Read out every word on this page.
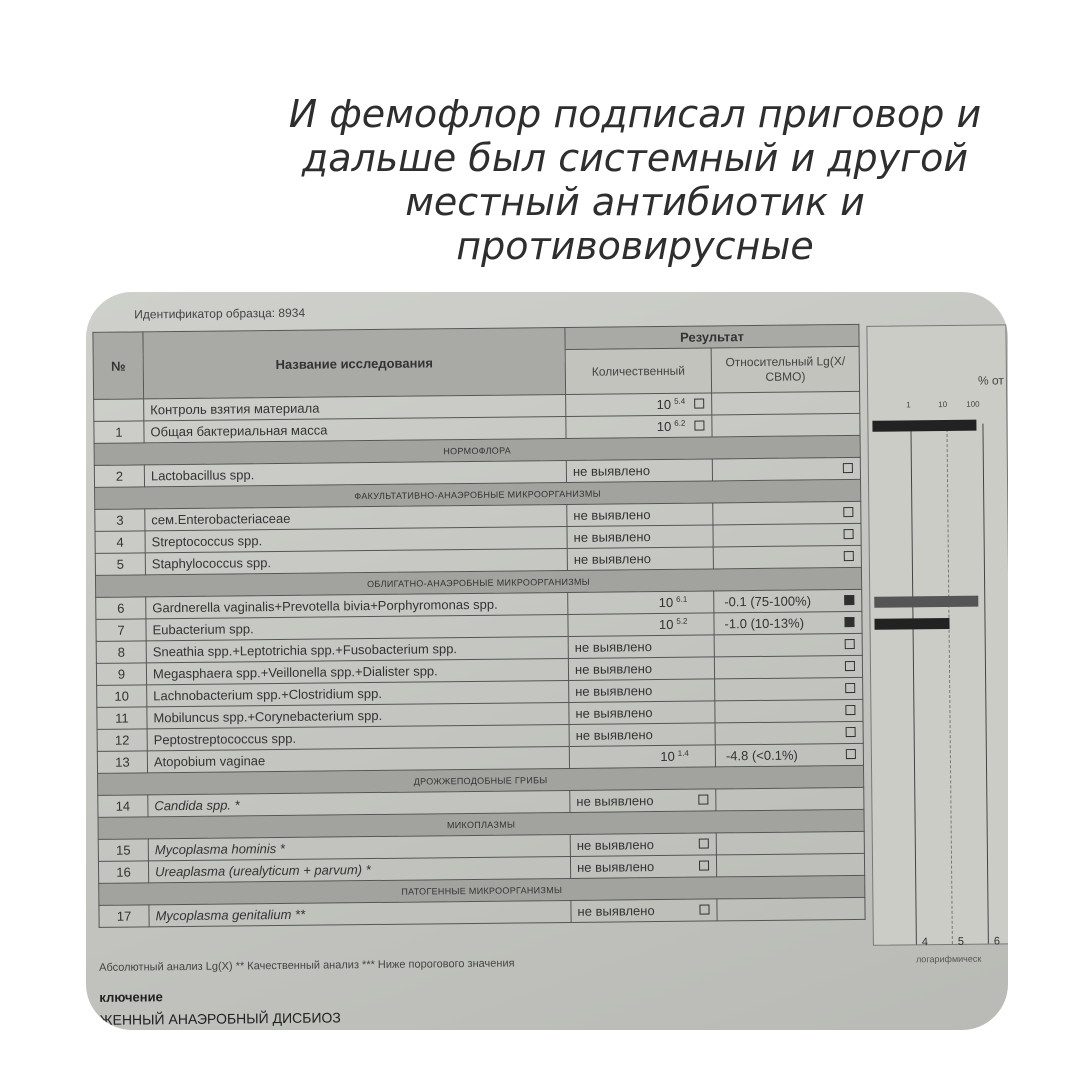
И фемофлор подписал приговор и дальше был системный и другой местный антибиотик и противовирусные
Идентификатор образца: 8934
№	Название исследования	Результат	
		Количественный	Относительный Lg(X/СВМО)
	Контроль взятия материала	10 $^{5.4}$

1	Общая бактериальная масса	10 $^{6.2}$

НОРМОФЛОРА			
2	Lactobacillus spp.	не выявлено	

ФАКУЛЬТАТИВНО-АНАЭРОБНЫЕ МИКРООРГАНИЗМЫ			
3	сем.Enterobacteriaceae	не выявлено	

4	Streptococcus spp.	не выявлено	

5	Staphylococcus spp.	не выявлено	

ОБЛИГАТНО-АНАЭРОБНЫЕ МИКРООРГАНИЗМЫ			
6	Gardnerella vaginalis+Prevotella bivia+Porphyromonas spp.	10 $^{6.1}$	-0.1 (75-100%)

7	Eubacterium spp.	10 $^{5.2}$	-1.0 (10-13%)

8	Sneathia spp.+Leptotrichia spp.+Fusobacterium spp.	не выявлено	

9	Megasphaera spp.+Veillonella spp.+Dialister spp.	не выявлено	

10	Lachnobacterium spp.+Clostridium spp.	не выявлено	

11	Mobiluncus spp.+Corynebacterium spp.	не выявлено	

12	Peptostreptococcus spp.	не выявлено	

13	Atopobium vaginae	10 $^{1.4}$	-4.8 (<0.1%)

ДРОЖЖЕПОДОБНЫЕ ГРИБЫ			
14	Candida spp. *	не выявлено

МИКОПЛАЗМЫ			
15	Mycoplasma hominis *	не выявлено

16	Ureaplasma (urealyticum + parvum) *	не выявлено

ПАТОГЕННЫЕ МИКРООРГАНИЗМЫ			
17	Mycoplasma genitalium **	не выявлено

Абсолютный анализ Lg(X) ** Качественный анализ *** Ниже порогового значения
ключение
ЖЕННЫЙ АНАЭРОБНЫЙ ДИСБИОЗ
% от
1	10 100
4	5	6
логарифмическ
